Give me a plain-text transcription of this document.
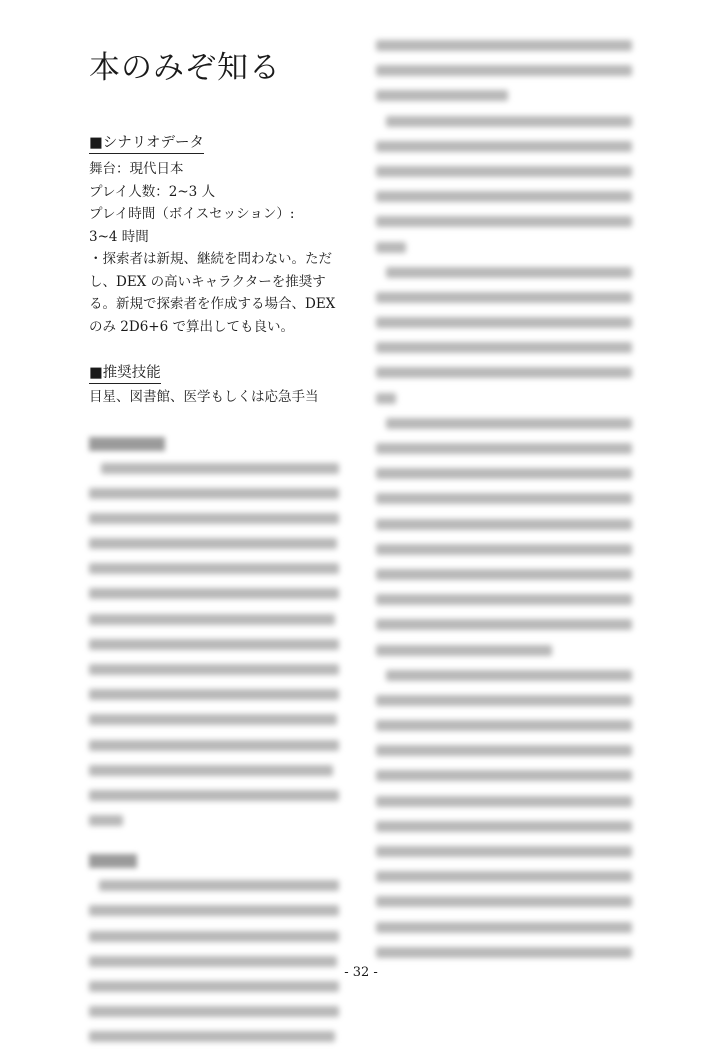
本のみぞ知る
■シナリオデータ
舞台：現代日本
プレイ人数：2~3 人
プレイ時間（ボイスセッション）:
3~4 時間
・探索者は新規、継続を問わない。ただ
し、DEX の高いキャラクターを推奨す
る。新規で探索者を作成する場合、DEX
のみ 2D6+6 で算出しても良い。
■推奨技能
目星、図書館、医学もしくは応急手当
- 32 -
